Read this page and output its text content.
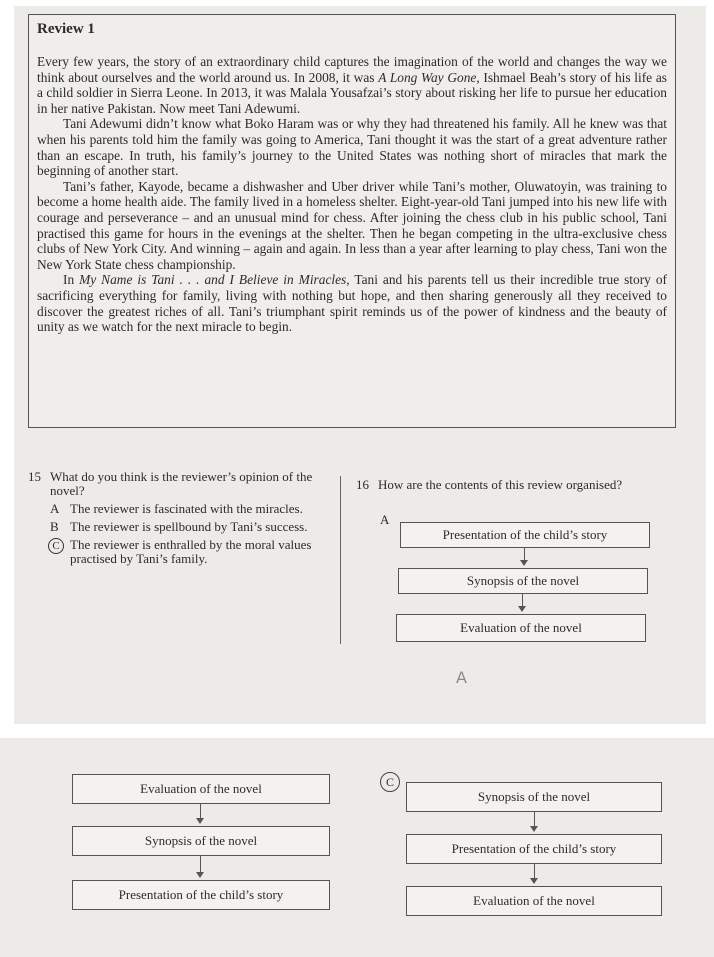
Review 1

Every few years, the story of an extraordinary child captures the imagination of the world and changes the way we think about ourselves and the world around us. In 2008, it was A Long Way Gone, Ishmael Beah’s story of his life as a child soldier in Sierra Leone. In 2013, it was Malala Yousafzai’s story about risking her life to pursue her education in her native Pakistan. Now meet Tani Adewumi.

Tani Adewumi didn’t know what Boko Haram was or why they had threatened his family. All he knew was that when his parents told him the family was going to America, Tani thought it was the start of a great adventure rather than an escape. In truth, his family’s journey to the United States was nothing short of miracles that mark the beginning of another start.

Tani’s father, Kayode, became a dishwasher and Uber driver while Tani’s mother, Oluwatoyin, was training to become a home health aide. The family lived in a homeless shelter. Eight-year-old Tani jumped into his new life with courage and perseverance – and an unusual mind for chess. After joining the chess club in his public school, Tani practised this game for hours in the evenings at the shelter. Then he began competing in the ultra-exclusive chess clubs of New York City. And winning – again and again. In less than a year after learning to play chess, Tani won the New York State chess championship.

In My Name is Tani . . . and I Believe in Miracles, Tani and his parents tell us their incredible true story of sacrificing everything for family, living with nothing but hope, and then sharing generously all they received to discover the greatest riches of all. Tani’s triumphant spirit reminds us of the power of kindness and the beauty of unity as we watch for the next miracle to begin.

15 What do you think is the reviewer’s opinion of the novel?
A The reviewer is fascinated with the miracles.
B The reviewer is spellbound by Tani’s success.
C The reviewer is enthralled by the moral values practised by Tani’s family.
16 How are the contents of this review organised?
A
Presentation of the child’s story
Synopsis of the novel
Evaluation of the novel
A
Evaluation of the novel
Synopsis of the novel
Presentation of the child’s story
C
Synopsis of the novel
Presentation of the child’s story
Evaluation of the novel
